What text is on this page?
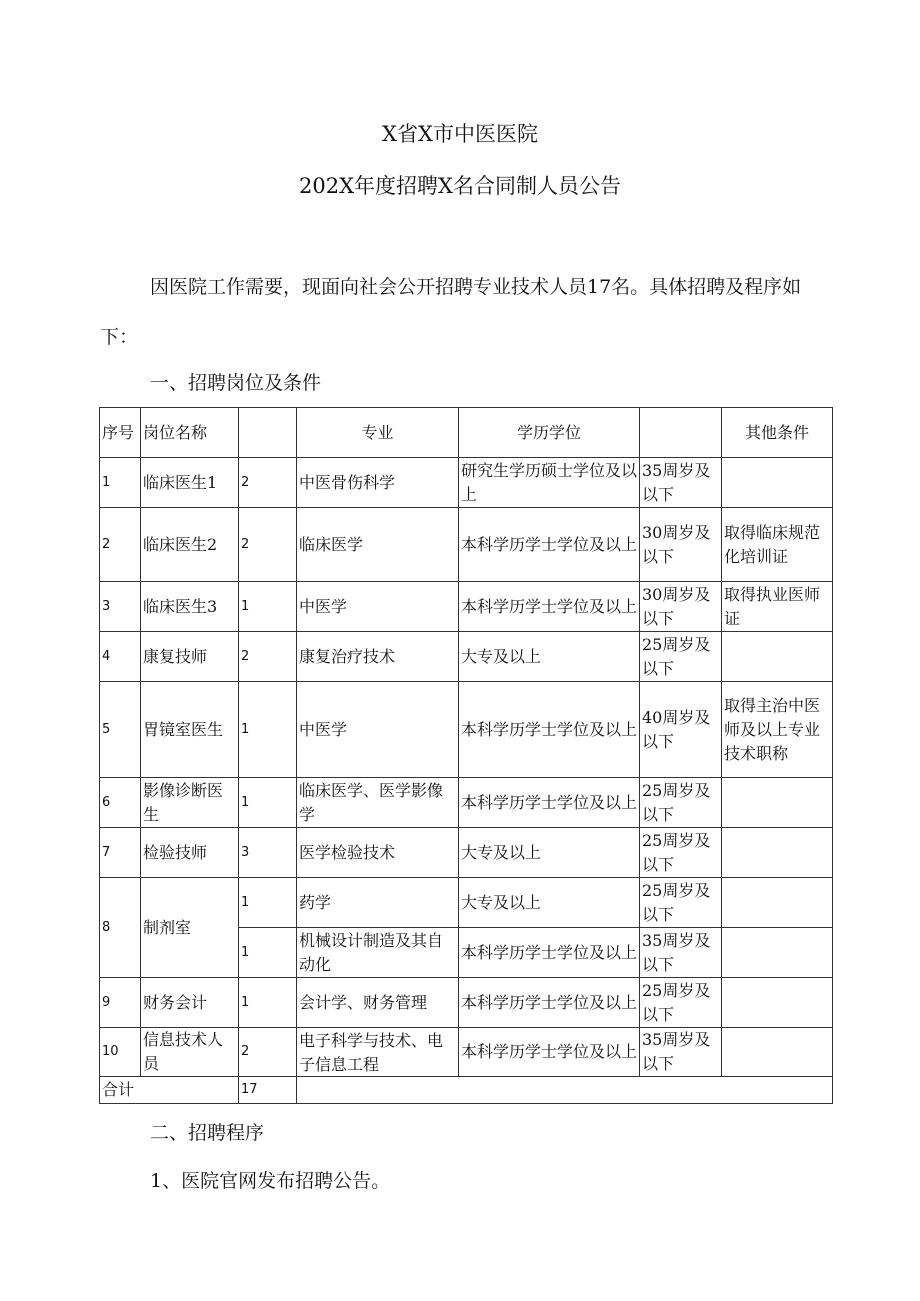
X省X市中医医院
202X年度招聘X名合同制人员公告

因医院工作需要，现面向社会公开招聘专业技术人员17名。具体招聘及程序如下：

一、招聘岗位及条件
序号	岗位名称		专业	学历学位		其他条件
1	临床医生1	2	中医骨伤科学	研究生学历硕士学位及以上	35周岁及以下	
2	临床医生2	2	临床医学	本科学历学士学位及以上	30周岁及以下	取得临床规范化培训证
3	临床医生3	1	中医学	本科学历学士学位及以上	30周岁及以下	取得执业医师证
4	康复技师	2	康复治疗技术	大专及以上	25周岁及以下	
5	胃镜室医生	1	中医学	本科学历学士学位及以上	40周岁及以下	取得主治中医师及以上专业技术职称
6	影像诊断医生	1	临床医学、医学影像学	本科学历学士学位及以上	25周岁及以下	
7	检验技师	3	医学检验技术	大专及以上	25周岁及以下	
8	制剂室	1	药学	大专及以上	25周岁及以下	
		1	机械设计制造及其自动化	本科学历学士学位及以上	35周岁及以下	
9	财务会计	1	会计学、财务管理	本科学历学士学位及以上	25周岁及以下	
10	信息技术人员	2	电子科学与技术、电子信息工程	本科学历学士学位及以上	35周岁及以下	
合计		17				
二、招聘程序
1、医院官网发布招聘公告。
